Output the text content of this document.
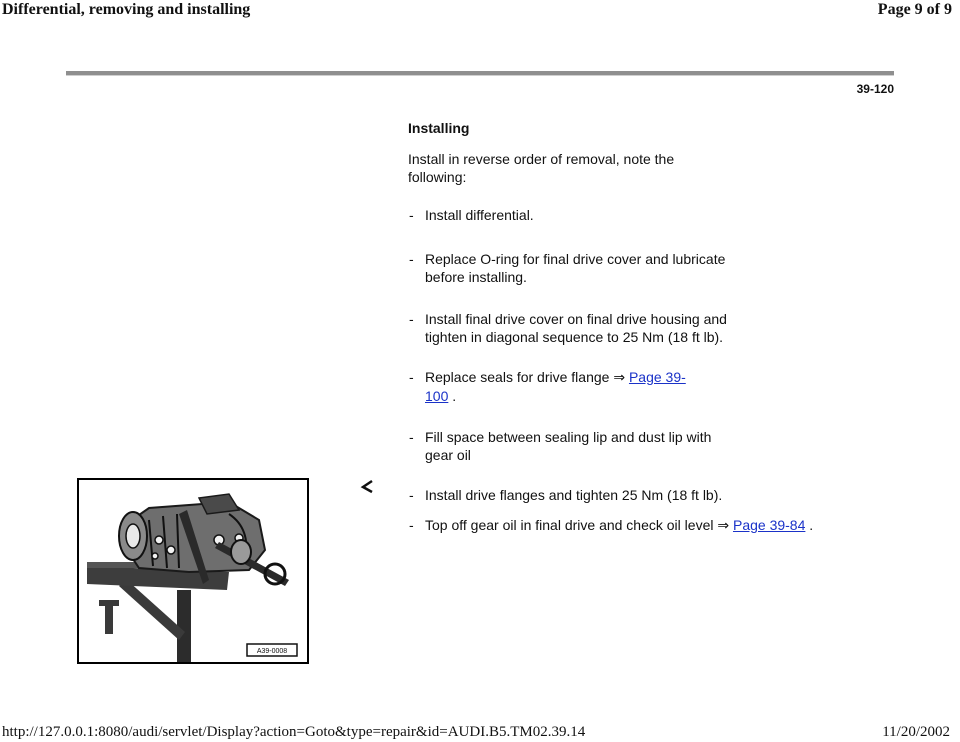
Differential, removing and installing	Page 9 of 9
39-120
Installing
Install in reverse order of removal, note the following:
- Install differential.
- Replace O-ring for final drive cover and lubricate before installing.
- Install final drive cover on final drive housing and tighten in diagonal sequence to 25 Nm (18 ft lb).
- Replace seals for drive flange ⇒ Page 39-100 .
- Fill space between sealing lip and dust lip with gear oil
A39-0008
- Install drive flanges and tighten 25 Nm (18 ft lb).
- Top off gear oil in final drive and check oil level ⇒ Page 39-84 .
http://127.0.0.1:8080/audi/servlet/Display?action=Goto&type=repair&id=AUDI.B5.TM02.39.14	11/20/2002
